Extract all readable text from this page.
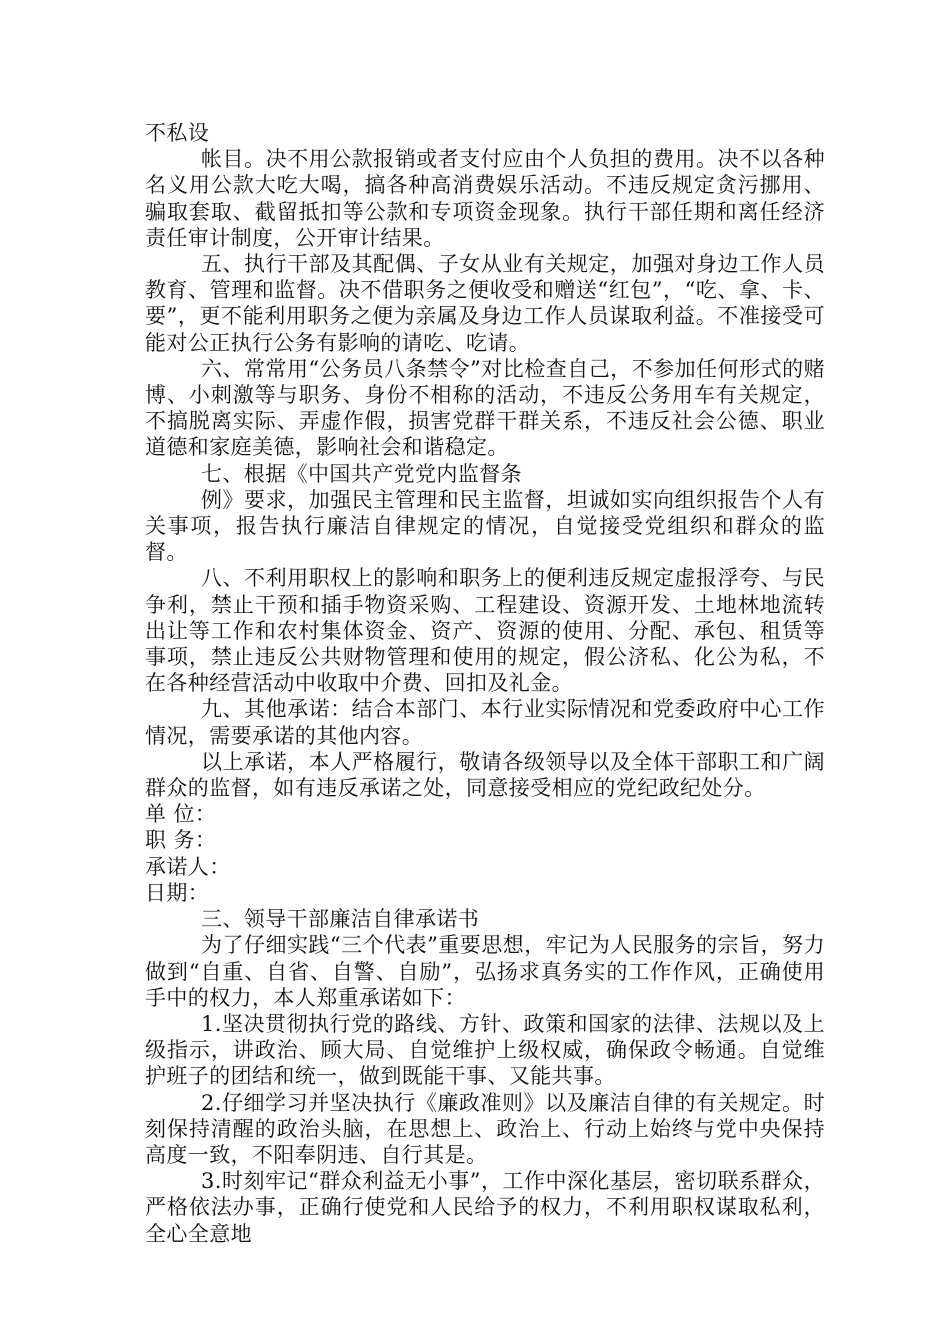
不私设

帐目。决不用公款报销或者支付应由个人负担的费用。决不以各种名义用公款大吃大喝，搞各种高消费娱乐活动。不违反规定贪污挪用、骗取套取、截留抵扣等公款和专项资金现象。执行干部任期和离任经济责任审计制度，公开审计结果。

五、执行干部及其配偶、子女从业有关规定，加强对身边工作人员教育、管理和监督。决不借职务之便收受和赠送“红包”，“吃、拿、卡、要”，更不能利用职务之便为亲属及身边工作人员谋取利益。不准接受可能对公正执行公务有影响的请吃、吃请。

六、常常用“公务员八条禁令”对比检查自己，不参加任何形式的赌博、小刺激等与职务、身份不相称的活动，不违反公务用车有关规定，不搞脱离实际、弄虚作假，损害党群干群关系，不违反社会公德、职业道德和家庭美德，影响社会和谐稳定。

七、根据《中国共产党党内监督条

例》要求，加强民主管理和民主监督，坦诚如实向组织报告个人有关事项，报告执行廉洁自律规定的情况，自觉接受党组织和群众的监督。

八、不利用职权上的影响和职务上的便利违反规定虚报浮夸、与民争利，禁止干预和插手物资采购、工程建设、资源开发、土地林地流转出让等工作和农村集体资金、资产、资源的使用、分配、承包、租赁等事项，禁止违反公共财物管理和使用的规定，假公济私、化公为私，不在各种经营活动中收取中介费、回扣及礼金。

九、其他承诺：结合本部门、本行业实际情况和党委政府中心工作情况，需要承诺的其他内容。

以上承诺，本人严格履行，敬请各级领导以及全体干部职工和广阔群众的监督，如有违反承诺之处，同意接受相应的党纪政纪处分。

单 位：

职 务：

承诺人：

日期：

三、领导干部廉洁自律承诺书

为了仔细实践“三个代表”重要思想，牢记为人民服务的宗旨，努力做到“自重、自省、自警、自励”，弘扬求真务实的工作作风，正确使用手中的权力，本人郑重承诺如下：

1.坚决贯彻执行党的路线、方针、政策和国家的法律、法规以及上级指示，讲政治、顾大局、自觉维护上级权威，确保政令畅通。自觉维护班子的团结和统一，做到既能干事、又能共事。

2.仔细学习并坚决执行《廉政准则》以及廉洁自律的有关规定。时刻保持清醒的政治头脑，在思想上、政治上、行动上始终与党中央保持高度一致，不阳奉阴违、自行其是。

3.时刻牢记“群众利益无小事”，工作中深化基层，密切联系群众，严格依法办事，正确行使党和人民给予的权力，不利用职权谋取私利，全心全意地
